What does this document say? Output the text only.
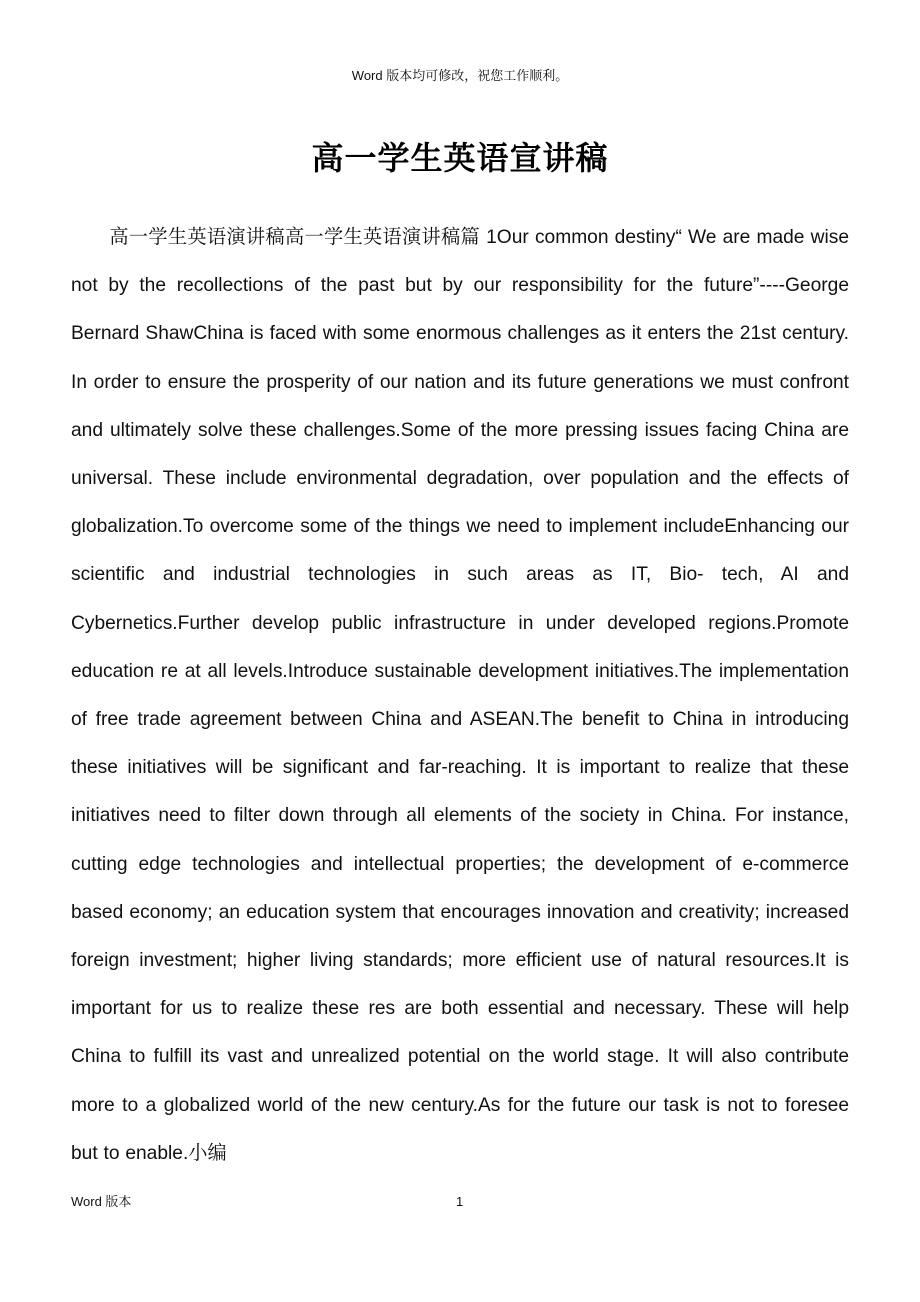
Word 版本均可修改，祝您工作顺利。
高一学生英语宣讲稿

高一学生英语演讲稿高一学生英语演讲稿篇 1Our common destiny“ We are made wise not by the recollections of the past but by our responsibility for the future”----George Bernard ShawChina is faced with some enormous challenges as it enters the 21st century. In order to ensure the prosperity of our nation and its future generations we must confront and ultimately solve these challenges.Some of the more pressing issues facing China are universal. These include environmental degradation, over population and the effects of globalization.To overcome some of the things we need to implement includeEnhancing our scientific and industrial technologies in such areas as IT, Bio- tech, AI and Cybernetics.Further develop public infrastructure in under developed regions.Promote education re at all levels.Introduce sustainable development initiatives.The implementation of free trade agreement between China and ASEAN.The benefit to China in introducing these initiatives will be significant and far-reaching. It is important to realize that these initiatives need to filter down through all elements of the society in China. For instance, cutting edge technologies and intellectual properties; the development of e-commerce based economy; an education system that encourages innovation and creativity; increased foreign investment; higher living standards; more efficient use of natural resources.It is important for us to realize these res are both essential and necessary. These will help China to fulfill its vast and unrealized potential on the world stage. It will also contribute more to a globalized world of the new century.As for the future our task is not to foresee but to enable.小编

Word 版本	1
